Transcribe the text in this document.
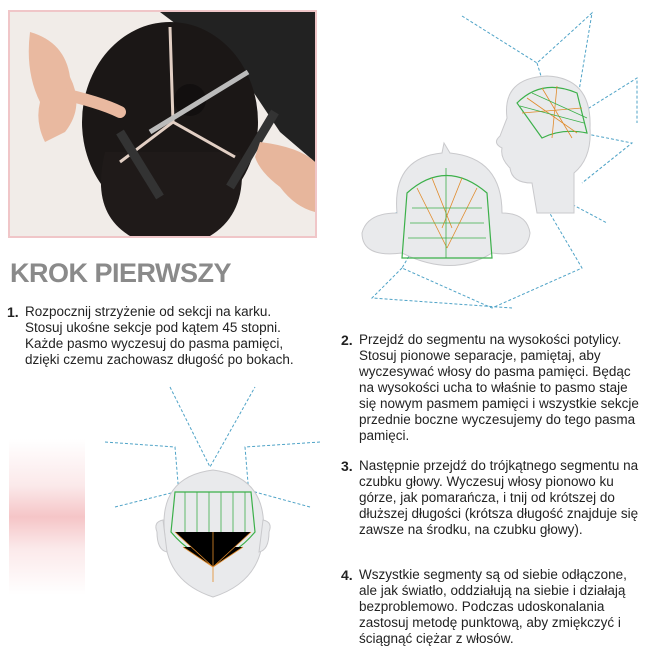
KROK PIERWSZY
1. Rozpocznij strzyżenie od sekcji na karku. Stosuj ukośne sekcje pod kątem 45 stopni. Każde pasmo wyczesuj do pasma pamięci, dzięki czemu zachowasz długość po bokach.
2. Przejdź do segmentu na wysokości potylicy. Stosuj pionowe separacje, pamiętaj, aby wyczesywać włosy do pasma pamięci. Będąc na wysokości ucha to właśnie to pasmo staje się nowym pasmem pamięci i wszystkie sekcje przednie boczne wyczesujemy do tego pasma pamięci.
3. Następnie przejdź do trójkątnego segmentu na czubku głowy. Wyczesuj włosy pionowo ku górze, jak pomarańcza, i tnij od krótszej do dłuższej długości (krótsza długość znajduje się zawsze na środku, na czubku głowy).
4. Wszystkie segmenty są od siebie odłączone, ale jak światło, oddziałują na siebie i działają bezproblemowo. Podczas udoskonalania zastosuj metodę punktową, aby zmiękczyć i ściągnąć ciężar z włosów.
